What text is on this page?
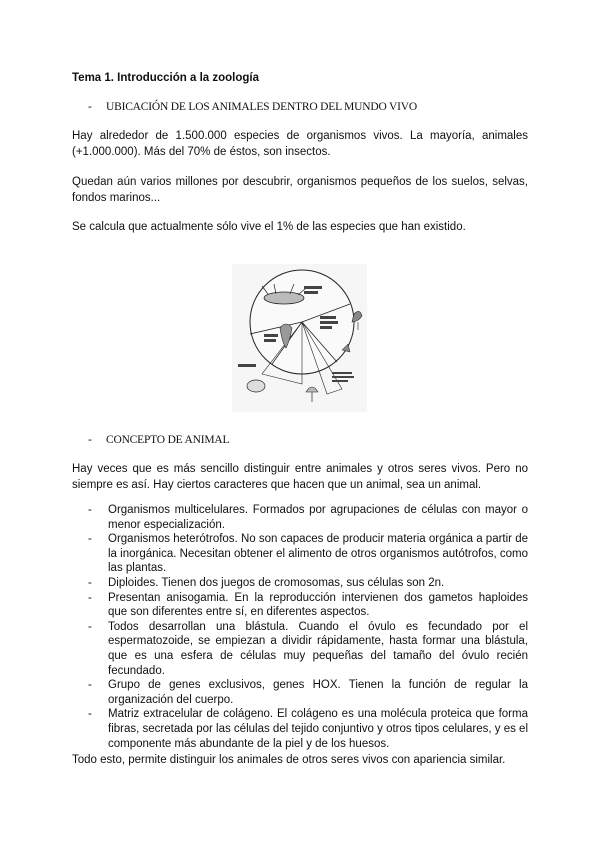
Tema 1. Introducción a la zoología
- UBICACIÓN DE LOS ANIMALES DENTRO DEL MUNDO VIVO
Hay alrededor de 1.500.000 especies de organismos vivos. La mayoría, animales (+1.000.000). Más del 70% de éstos, son insectos.
Quedan aún varios millones por descubrir, organismos pequeños de los suelos, selvas, fondos marinos...
Se calcula que actualmente sólo vive el 1% de las especies que han existido.
- CONCEPTO DE ANIMAL
Hay veces que es más sencillo distinguir entre animales y otros seres vivos. Pero no siempre es así. Hay ciertos caracteres que hacen que un animal, sea un animal.
- Organismos multicelulares. Formados por agrupaciones de células con mayor o menor especialización.
- Organismos heterótrofos. No son capaces de producir materia orgánica a partir de la inorgánica. Necesitan obtener el alimento de otros organismos autótrofos, como las plantas.
- Diploides. Tienen dos juegos de cromosomas, sus células son 2n.
- Presentan anisogamia. En la reproducción intervienen dos gametos haploides que son diferentes entre sí, en diferentes aspectos.
- Todos desarrollan una blástula. Cuando el óvulo es fecundado por el espermatozoide, se empiezan a dividir rápidamente, hasta formar una blástula, que es una esfera de células muy pequeñas del tamaño del óvulo recién fecundado.
- Grupo de genes exclusivos, genes HOX. Tienen la función de regular la organización del cuerpo.
- Matriz extracelular de colágeno. El colágeno es una molécula proteica que forma fibras, secretada por las células del tejido conjuntivo y otros tipos celulares, y es el componente más abundante de la piel y de los huesos.
Todo esto, permite distinguir los animales de otros seres vivos con apariencia similar.
